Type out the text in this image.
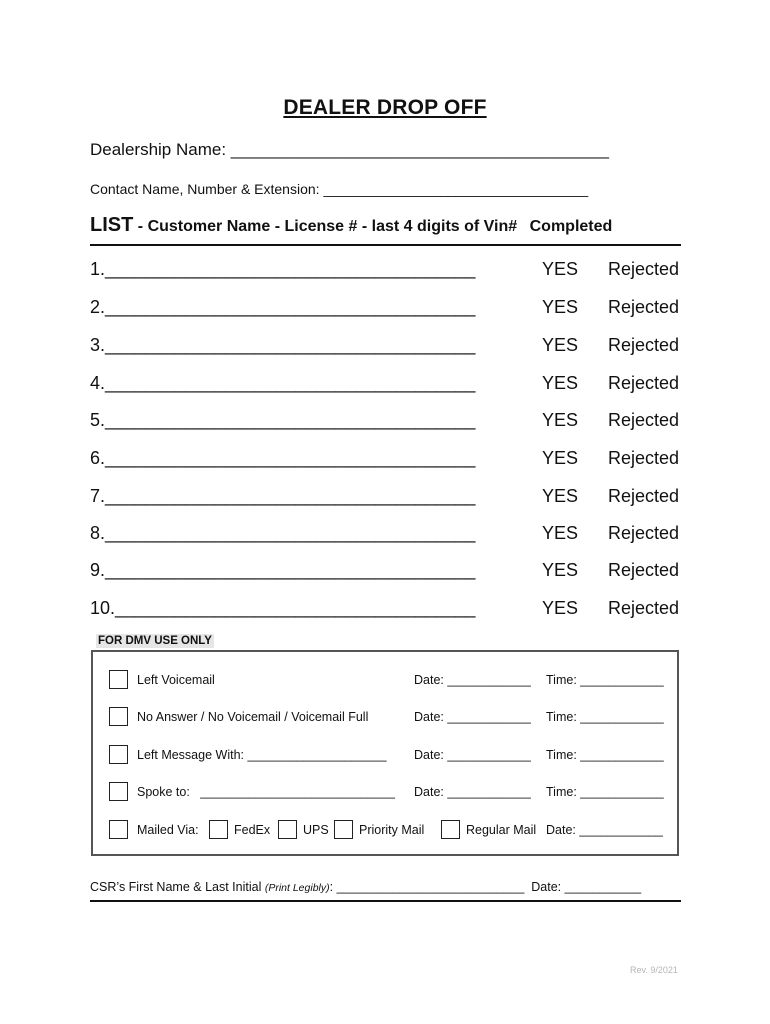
DEALER DROP OFF
Dealership Name: ________________________________________
Contact Name, Number & Extension: __________________________________
LIST - Customer Name - License # - last 4 digits of Vin# Completed
1._____________________________________	YES Rejected
2._____________________________________	YES Rejected
3._____________________________________	YES Rejected
4._____________________________________	YES Rejected
5._____________________________________	YES Rejected
6._____________________________________	YES Rejected
7._____________________________________	YES Rejected
8._____________________________________	YES Rejected
9._____________________________________	YES Rejected
10.____________________________________	YES Rejected
FOR DMV USE ONLY
Left Voicemail	Date: ____________ Time: ____________
No Answer / No Voicemail / Voicemail Full	Date: ____________ Time: ____________
Left Message With: ____________________ Date: ____________ Time: ____________
Spoke to: ____________________________ Date: ____________ Time: ____________
Mailed Via:	FedEx	UPS Priority Mail	Regular Mail Date: ____________
CSR’s First Name & Last Initial (Print Legibly): ___________________________ Date: ___________
Rev. 9/2021
